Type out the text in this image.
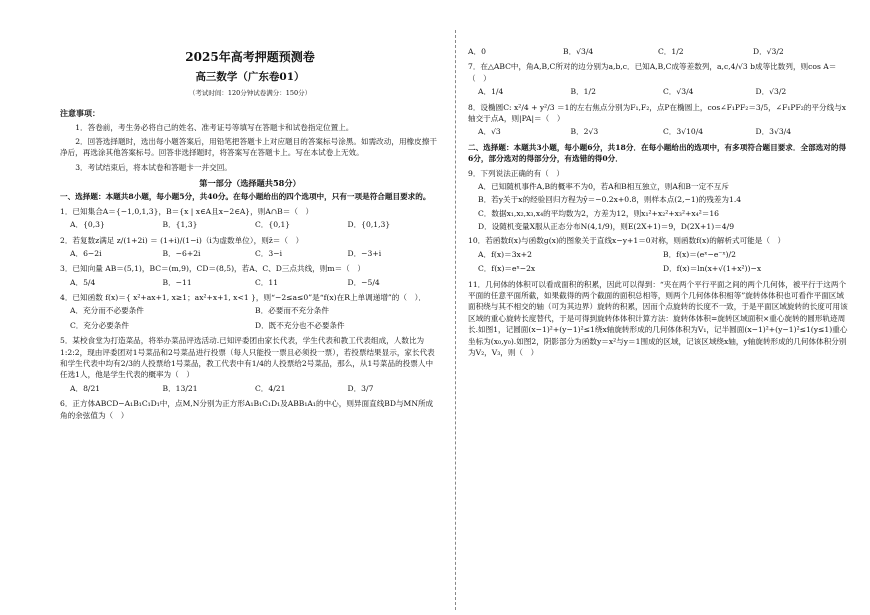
2025年高考押题预测卷
高三数学（广东卷01）
（考试时间：120分钟试卷满分：150分）
注意事项：
1．答卷前，考生务必将自己的姓名、准考证号等填写在答题卡和试卷指定位置上。
2．回答选择题时，选出每小题答案后，用铅笔把答题卡上对应题目的答案标号涂黑。如需改动，用橡皮擦干净后，再选涂其他答案标号。回答非选择题时，将答案写在答题卡上。写在本试卷上无效。
3．考试结束后，将本试卷和答题卡一并交回。
第一部分（选择题共58分）
一、选择题：本题共8小题，每小题5分，共40分。在每小题给出的四个选项中，只有一项是符合题目要求的。
1．已知集合A＝{−1,0,1,3}，B＝{x | x∈A且x−2∈A}，则A∩B＝（　）
A．{0,3}	B．{1,3}	C．{0,1}	D．{0,1,3}
2．若复数z满足 z/(1+2i) ＝ (1+i)/(1−i)（i为虚数单位），则z̄＝（　）
A．6−2i	B．−6+2i	C．3−i	D．−3+i
3．已知向量 AB＝(5,1)，BC＝(m,9)，CD＝(8,5)，若A、C、D三点共线，则m＝（　）
A．5/4	B．−11	C．11	D．−5/4
4．已知函数 f(x)＝{ x²+ax+1, x≥1；ax²+x+1, x<1 }，则“−2≤a≤0”是“f(x)在R上单调递增”的（　）．
A．充分而不必要条件	B．必要而不充分条件
C．充分必要条件	D．既不充分也不必要条件
5．某校食堂为打造菜品，将举办菜品评选活动.已知评委团由家长代表，学生代表和教工代表组成，人数比为1:2:2，现由评委团对1号菜品和2号菜品进行投票（每人只能投一票且必须投一票），若投票结果显示，家长代表和学生代表中均有2/3的人投票给1号菜品，教工代表中有1/4的人投票给2号菜品，那么，从1号菜品的投票人中任选1人，他是学生代表的概率为（　）
A．8/21	B．13/21	C．4/21	D．3/7
6．正方体ABCD−A₁B₁C₁D₁中，点M,N分别为正方形A₁B₁C₁D₁及ABB₁A₁的中心，则异面直线BD与MN所成角的余弦值为（　）
A．0	B．√3/4	C．1/2	D．√3/2
7．在△ABC中，角A,B,C所对的边分别为a,b,c．已知A,B,C成等差数列，a,c,4/√3 b成等比数列，则cos A＝（　）
A．1/4	B．1/2	C．√3/4	D．√3/2
8．设椭圆C: x²/4 + y²/3 ＝1的左右焦点分别为F₁,F₂，点P在椭圆上，cos∠F₁PF₂＝3/5，∠F₁PF₂的平分线与x轴交于点A，则|PA|＝（　）
A．√3	B．2√3	C．3√10/4	D．3√3/4
二、选择题：本题共3小题，每小题6分，共18分．在每小题给出的选项中，有多项符合题目要求．全部选对的得6分，部分选对的得部分分，有选错的得0分．
9．下列说法正确的有（　）
A．已知随机事件A,B的概率不为0，若A和B相互独立，则A和B一定不互斥
B．若y关于x的经验回归方程为ŷ＝−0.2x+0.8，则样本点(2,−1)的残差为1.4
C．数据x₁,x₂,x₃,x₄的平均数为2，方差为12，则x₁²+x₂²+x₃²+x₄²＝16
D．设随机变量X服从正态分布N(4,1/9)，则E(2X+1)＝9，D(2X+1)＝4/9
10．若函数f(x)与函数g(x)的图象关于直线x−y+1＝0对称，则函数f(x)的解析式可能是（　）
A．f(x)＝3x+2	B．f(x)＝(eˣ−e⁻ˣ)/2
C．f(x)＝eˣ−2x	D．f(x)＝ln(x+√(1+x²))−x
11．几何体的体积可以看成面积的积累，因此可以得到：“夹在两个平行平面之间的两个几何体，被平行于这两个平面的任意平面所截，如果截得的两个截面的面积总相等，则两个几何体体积相等”旋转体体积也可看作平面区域面积绕与其不相交的轴（可为其边界）旋转的积累，因而个点旋转的长度不一致，于是平面区域旋转的长度可用该区域的重心旋转长度替代，于是可得到旋转体体积计算方法：旋转体体积=旋转区域面积×重心旋转的圆形轨迹周长.如图1，记圆面(x−1)²+(y−1)²≤1绕x轴旋转形成的几何体体积为V₁，记半圆面(x−1)²+(y−1)²≤1(y≤1)重心坐标为(x₀,y₀).如图2，阴影部分为函数y＝x²与y＝1围成的区域，记该区域绕x轴，y轴旋转形成的几何体体积分别为V₂，V₃，则（　）
